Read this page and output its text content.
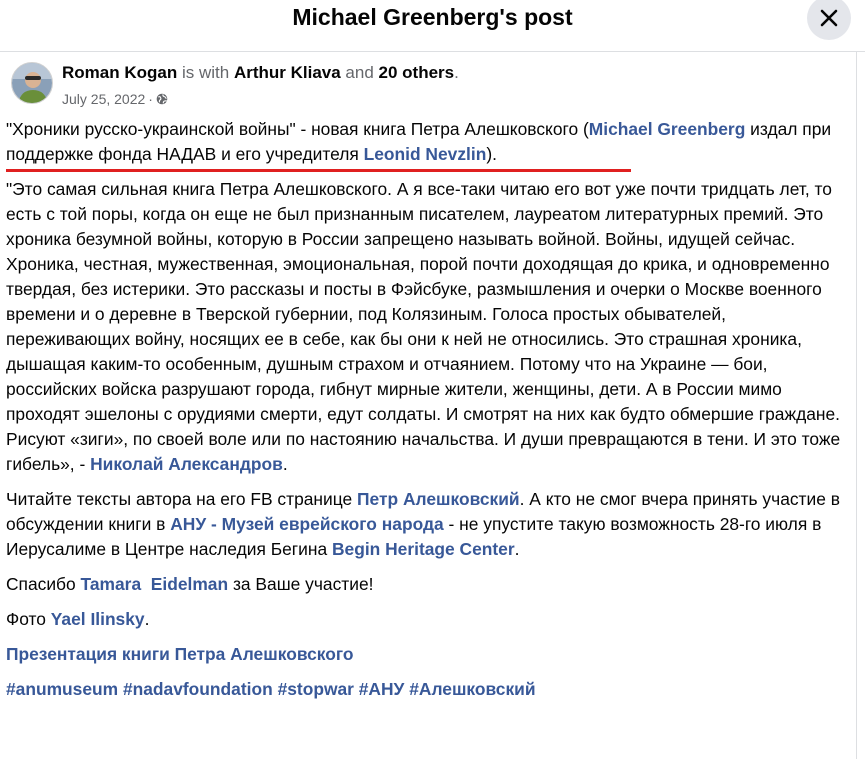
Michael Greenberg's post
Roman Kogan is with Arthur Kliava and 20 others.
July 25, 2022 ·

"Хроники русско-украинской войны" - новая книга Петра Алешковского (Michael Greenberg издал при поддержке фонда НАДАВ и его учредителя Leonid Nevzlin).

"Это самая сильная книга Петра Алешковского. А я все-таки читаю его вот уже почти тридцать лет, то есть с той поры, когда он еще не был признанным писателем, лауреатом литературных премий. Это хроника безумной войны, которую в России запрещено называть войной. Войны, идущей сейчас. Хроника, честная, мужественная, эмоциональная, порой почти доходящая до крика, и одновременно твердая, без истерики. Это рассказы и посты в Фэйсбуке, размышления и очерки о Москве военного времени и о деревне в Тверской губернии, под Колязиным. Голоса простых обывателей, переживающих войну, носящих ее в себе, как бы они к ней не относились. Это страшная хроника, дышащая каким-то особенным, душным страхом и отчаянием. Потому что на Украине — бои, российских войска разрушают города, гибнут мирные жители, женщины, дети. А в России мимо проходят эшелоны с орудиями смерти, едут солдаты. И смотрят на них как будто обмершие граждане. Рисуют «зиги», по своей воле или по настоянию начальства. И души превращаются в тени. И это тоже гибель», - Николай Александров.

Читайте тексты автора на его FB странице Петр Алешковский. А кто не смог вчера принять участие в обсуждении книги в АНУ - Музей еврейского народа - не упустите такую возможность 28-го июля в Иерусалиме в Центре наследия Бегина Begin Heritage Center.

Спасибо Tamara  Eidelman за Ваше участие!

Фото Yael Ilinsky.

Презентация книги Петра Алешковского

#anumuseum #nadavfoundation #stopwar #АНУ #Алешковский
